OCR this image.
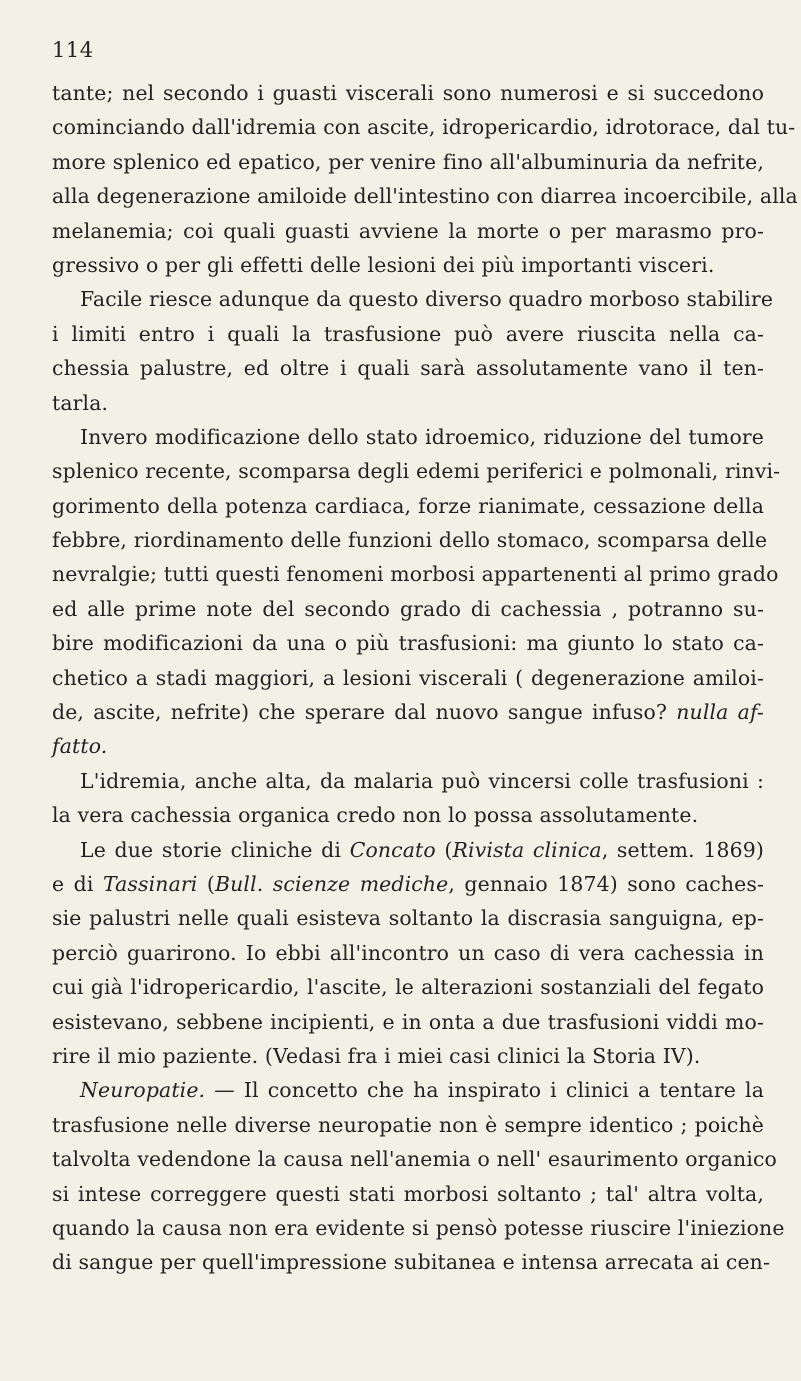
114
tante; nel secondo i guasti viscerali sono numerosi e si succedono
cominciando dall'idremia con ascite, idropericardio, idrotorace, dal tu-
more splenico ed epatico, per venire fino all'albuminuria da nefrite,
alla degenerazione amiloide dell'intestino con diarrea incoercibile, alla
melanemia; coi quali guasti avviene la morte o per marasmo pro-
gressivo o per gli effetti delle lesioni dei più importanti visceri.
Facile riesce adunque da questo diverso quadro morboso stabilire
i limiti entro i quali la trasfusione può avere riuscita nella ca-
chessia palustre, ed oltre i quali sarà assolutamente vano il ten-
tarla.
Invero modificazione dello stato idroemico, riduzione del tumore
splenico recente, scomparsa degli edemi periferici e polmonali, rinvi-
gorimento della potenza cardiaca, forze rianimate, cessazione della
febbre, riordinamento delle funzioni dello stomaco, scomparsa delle
nevralgie; tutti questi fenomeni morbosi appartenenti al primo grado
ed alle prime note del secondo grado di cachessia , potranno su-
bire modificazioni da una o più trasfusioni: ma giunto lo stato ca-
chetico a stadi maggiori, a lesioni viscerali ( degenerazione amiloi-
de, ascite, nefrite) che sperare dal nuovo sangue infuso? nulla af-
fatto.
L'idremia, anche alta, da malaria può vincersi colle trasfusioni :
la vera cachessia organica credo non lo possa assolutamente.
Le due storie cliniche di Concato (Rivista clinica, settem. 1869)
e di Tassinari (Bull. scienze mediche, gennaio 1874) sono caches-
sie palustri nelle quali esisteva soltanto la discrasia sanguigna, ep-
perciò guarirono. Io ebbi all'incontro un caso di vera cachessia in
cui già l'idropericardio, l'ascite, le alterazioni sostanziali del fegato
esistevano, sebbene incipienti, e in onta a due trasfusioni viddi mo-
rire il mio paziente. (Vedasi fra i miei casi clinici la Storia IV).
Neuropatie. — Il concetto che ha inspirato i clinici a tentare la
trasfusione nelle diverse neuropatie non è sempre identico ; poichè
talvolta vedendone la causa nell'anemia o nell' esaurimento organico
si intese correggere questi stati morbosi soltanto ; tal' altra volta,
quando la causa non era evidente si pensò potesse riuscire l'iniezione
di sangue per quell'impressione subitanea e intensa arrecata ai cen-
